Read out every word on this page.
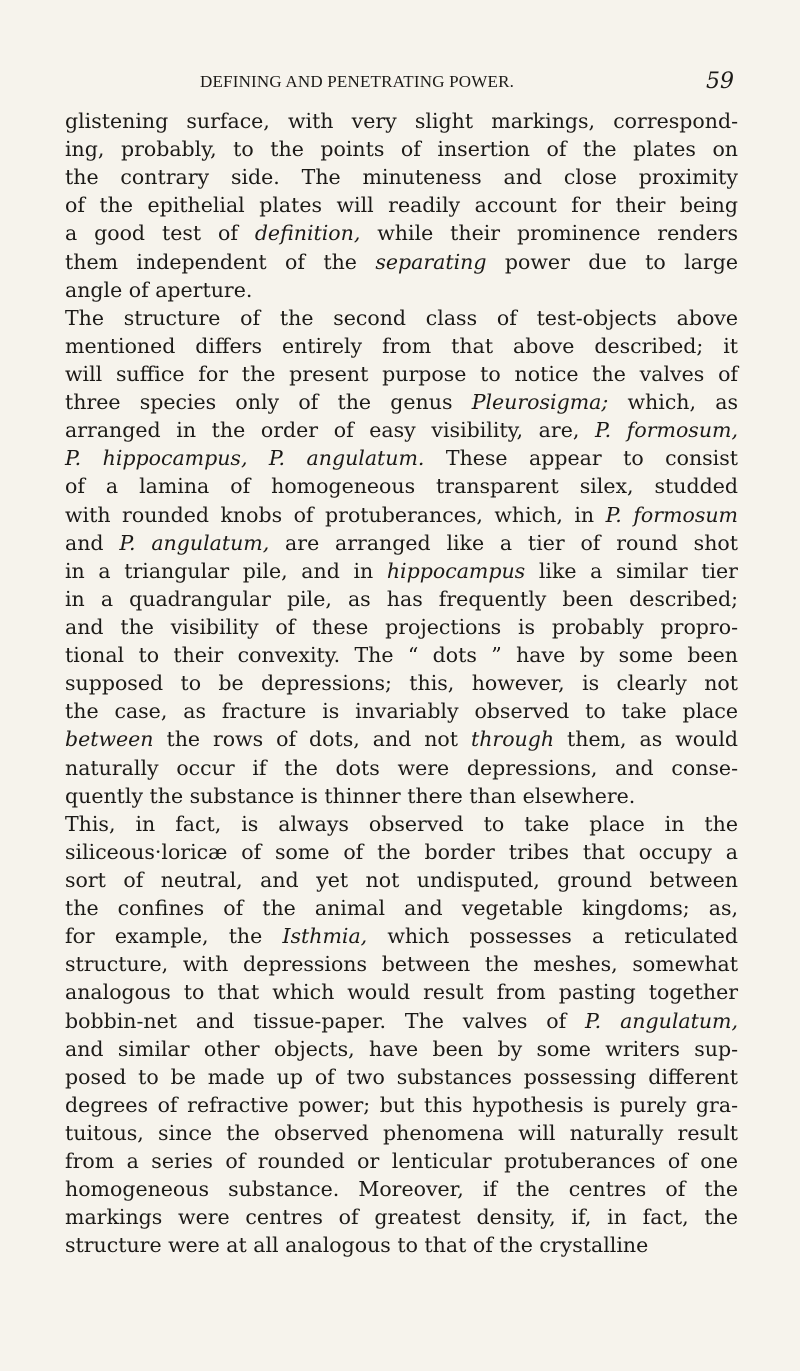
DEFINING AND PENETRATING POWER.	59
glistening surface, with very slight markings, correspond-
ing, probably, to the points of insertion of the plates on
the contrary side. The minuteness and close proximity
of the epithelial plates will readily account for their being
a good test of definition, while their prominence renders
them independent of the separating power due to large
angle of aperture.
The structure of the second class of test-objects above
mentioned differs entirely from that above described; it
will suffice for the present purpose to notice the valves of
three species only of the genus Pleurosigma; which, as
arranged in the order of easy visibility, are, P. formosum,
P. hippocampus, P. angulatum. These appear to consist
of a lamina of homogeneous transparent silex, studded
with rounded knobs of protuberances, which, in P. formosum
and P. angulatum, are arranged like a tier of round shot
in a triangular pile, and in hippocampus like a similar tier
in a quadrangular pile, as has frequently been described;
and the visibility of these projections is probably propro-
tional to their convexity. The “ dots ” have by some been
supposed to be depressions; this, however, is clearly not
the case, as fracture is invariably observed to take place
between the rows of dots, and not through them, as would
naturally occur if the dots were depressions, and conse-
quently the substance is thinner there than elsewhere.
This, in fact, is always observed to take place in the
siliceous·loricæ of some of the border tribes that occupy a
sort of neutral, and yet not undisputed, ground between
the confines of the animal and vegetable kingdoms; as,
for example, the Isthmia, which possesses a reticulated
structure, with depressions between the meshes, somewhat
analogous to that which would result from pasting together
bobbin-net and tissue-paper. The valves of P. angulatum,
and similar other objects, have been by some writers sup-
posed to be made up of two substances possessing different
degrees of refractive power; but this hypothesis is purely gra-
tuitous, since the observed phenomena will naturally result
from a series of rounded or lenticular protuberances of one
homogeneous substance. Moreover, if the centres of the
markings were centres of greatest density, if, in fact, the
structure were at all analogous to that of the crystalline
